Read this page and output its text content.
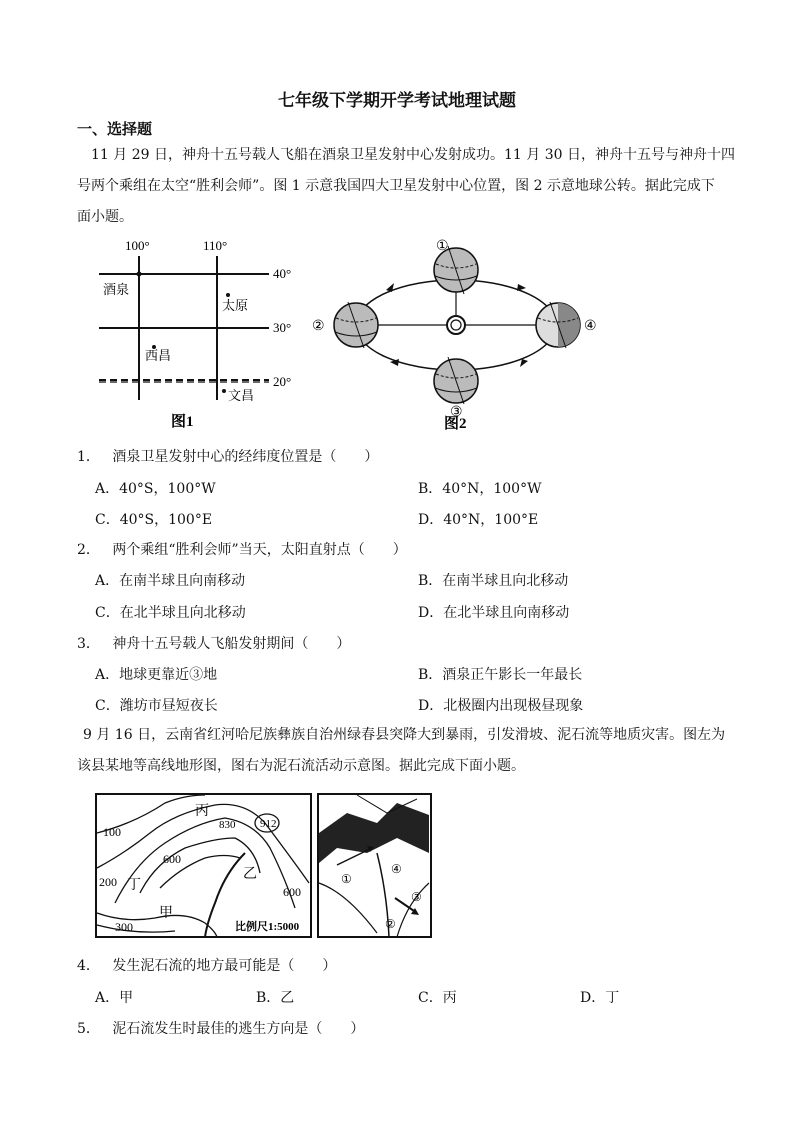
七年级下学期开学考试地理试题
一、选择题
11 月 29 日，神舟十五号载人飞船在酒泉卫星发射中心发射成功。11 月 30 日，神舟十五号与神舟十四
号两个乘组在太空“胜利会师”。图 1 示意我国四大卫星发射中心位置，图 2 示意地球公转。据此完成下
面小题。
100°	110°
40°
30°
20°
酒泉
太原
西昌
文昌
图1
①
②
③
④
图2
1． 酒泉卫星发射中心的经纬度位置是（　　）
A．40°S，100°W	B．40°N，100°W
C．40°S，100°E	D．40°N，100°E
2． 两个乘组“胜利会师”当天，太阳直射点（　　）
A．在南半球且向南移动	B．在南半球且向北移动
C．在北半球且向北移动	D．在北半球且向南移动
3． 神舟十五号载人飞船发射期间（　　）
A．地球更靠近③地	B．酒泉正午影长一年最长
C．潍坊市昼短夜长	D．北极圈内出现极昼现象
9 月 16 日，云南省红河哈尼族彝族自治州绿春县突降大到暴雨，引发滑坡、泥石流等地质灾害。图左为
该县某地等高线地形图，图右为泥石流活动示意图。据此完成下面小题。
100
200
300
600
830 912
600
甲
乙
丙
丁
比例尺1:5000
①
②
③
④
4． 发生泥石流的地方最可能是（　　）
A．甲	B．乙	C．丙	D．丁
5． 泥石流发生时最佳的逃生方向是（　　）
